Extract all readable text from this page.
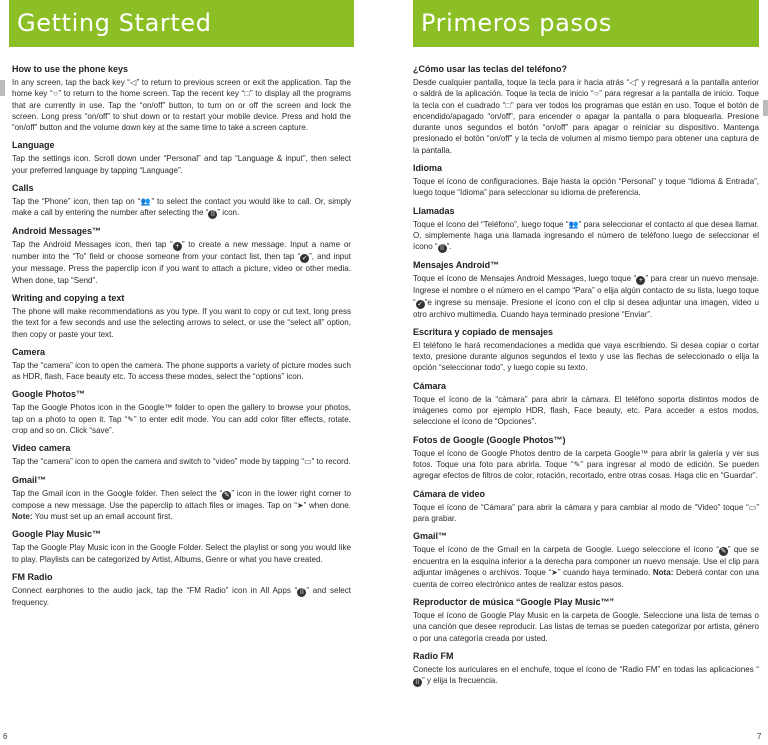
Getting Started
How to use the phone keys

In any screen, tap the back key “◁” to return to previous screen or exit the application. Tap the home key “○” to return to the home screen. Tap the recent key “□” to display all the programs that are currently in use. Tap the “on/off” button, to turn on or off the screen and lock the screen. Long press “on/off” to shut down or to restart your mobile device. Press and hold the “on/off” button and the volume down key at the same time to take a screen capture.

Language

Tap the settings icon. Scroll down under “Personal” and tap “Language & input”, then select your preferred language by tapping “Language”.

Calls

Tap the “Phone” icon, then tap on “👥” to select the contact you would like to call. Or, simply make a call by entering the number after selecting the “ ⠿ ” icon.

Android Messages™

Tap the Android Messages icon, then tap “ + ” to create a new message. Input a name or number into the “To” field or choose someone from your contact list, then tap “ ✓ ”, and input your message. Press the paperclip icon if you want to attach a picture, video or other media. When done, tap “Send”.

Writing and copying a text

The phone will make recommendations as you type. If you want to copy or cut text, long press the text for a few seconds and use the selecting arrows to select, or use the “select all” option, then copy or paste your text.

Camera

Tap the “camera” icon to open the camera. The phone supports a variety of picture modes such as HDR, flash, Face beauty etc. To access these modes, select the “options” icon.

Google Photos™

Tap the Google Photos icon in the Google™ folder to open the gallery to browse your photos, tap on a photo to open it. Tap “✎” to enter edit mode. You can add color filter effects, rotate, crop and so on. Click “save”.

Video camera

Tap the “camera” icon to open the camera and switch to “video” mode by tapping “▭” to record.

Gmail™

Tap the Gmail icon in the Google folder. Then select the “ ✎ ” icon in the lower right corner to compose a new message. Use the paperclip to attach files or images. Tap on “➤” when done. Note: You must set up an email account first.

Google Play Music™

Tap the Google Play Music icon in the Google Folder. Select the playlist or song you would like to play. Playlists can be categorized by Artist, Albums, Genre or what you have created.

FM Radio

Connect earphones to the audio jack, tap the “FM Radio” icon in All Apps “ ⠿ ” and select frequency.

Primeros pasos
¿Cómo usar las teclas del teléfono?

Desde cualquier pantalla, toque la tecla para ir hacia atrás “◁” y regresará a la pantalla anterior o saldrá de la aplicación. Toque la tecla de inicio “○” para regresar a la pantalla de inicio. Toque la tecla con el cuadrado “□” para ver todos los programas que están en uso. Toque el botón de encendido/apagado “on/off”, para encender o apagar la pantalla o para bloquearla. Presione durante unos segundos el botón “on/off” para apagar o reiniciar su dispositivo. Mantenga presionado el botón “on/off” y la tecla de volumen al mismo tiempo para obtener una captura de la pantalla.

Idioma

Toque el ícono de configuraciones. Baje hasta la opción “Personal” y toque “Idioma & Entrada”, luego toque “Idioma” para seleccionar su idioma de preferencia.

Llamadas

Toque el ícono del “Teléfono”, luego toque “👥” para seleccionar el contacto al que desea llamar. O, simplemente haga una llamada ingresando el número de teléfono luego de seleccionar el ícono “ ⠿ ”.

Mensajes Android™

Toque el ícono de Mensajes Android Messages, luego toque “ + ” para crear un nuevo mensaje. Ingrese el nombre o el número en el campo “Para” o elija algún contacto de su lista, luego toque “ ✓ ”e ingrese su mensaje. Presione el ícono con el clip si desea adjuntar una imagen, video u otro archivo multimedia. Cuando haya terminado presione “Enviar”.

Escritura y copiado de mensajes

El teléfono le hará recomendaciones a medida que vaya escribiendo. Si desea copiar o cortar texto, presione durante algunos segundos el texto y use las flechas de seleccionado o elija la opción “seleccionar todo”, y luego copie su texto.

Cámara

Toque el ícono de la “cámara” para abrir la cámara. El teléfono soporta distintos modos de imágenes como por ejemplo HDR, flash, Face beauty, etc. Para acceder a estos modos, seleccione el ícono de “Opciones”.

Fotos de Google (Google Photos™)

Toque el ícono de Google Photos dentro de la carpeta Google™ para abrir la galería y ver sus fotos. Toque una foto para abrirla. Toque “✎” para ingresar al modo de edición. Se pueden agregar efectos de filtros de color, rotación, recortado, entre otras cosas. Haga clic en “Guardar”.

Cámara de video

Toque el ícono de “Cámara” para abrir la cámara y para cambiar al modo de “Video” toque “▭” para grabar.

Gmail™

Toque el ícono de the Gmail en la carpeta de Google. Luego seleccione el ícono “ ✎ ” que se encuentra en la esquina inferior a la derecha para componer un nuevo mensaje. Use el clip para adjuntar imágenes o archivos. Toque “➤” cuando haya terminado. Nota: Deberá contar con una cuenta de correo electrónico antes de realizar estos pasos.

Reproductor de música “Google Play Music™”

Toque el ícono de Google Play Music en la carpeta de Google. Seleccione una lista de temas o una canción que desee reproducir. Las listas de temas se pueden categorizar por artista, género o por una categoría creada por usted.

Radio FM

Conecte los auriculares en el enchufe, toque el ícono de “Radio FM” en todas las aplicaciones “⠿ ” y elija la frecuencia.

6	7
